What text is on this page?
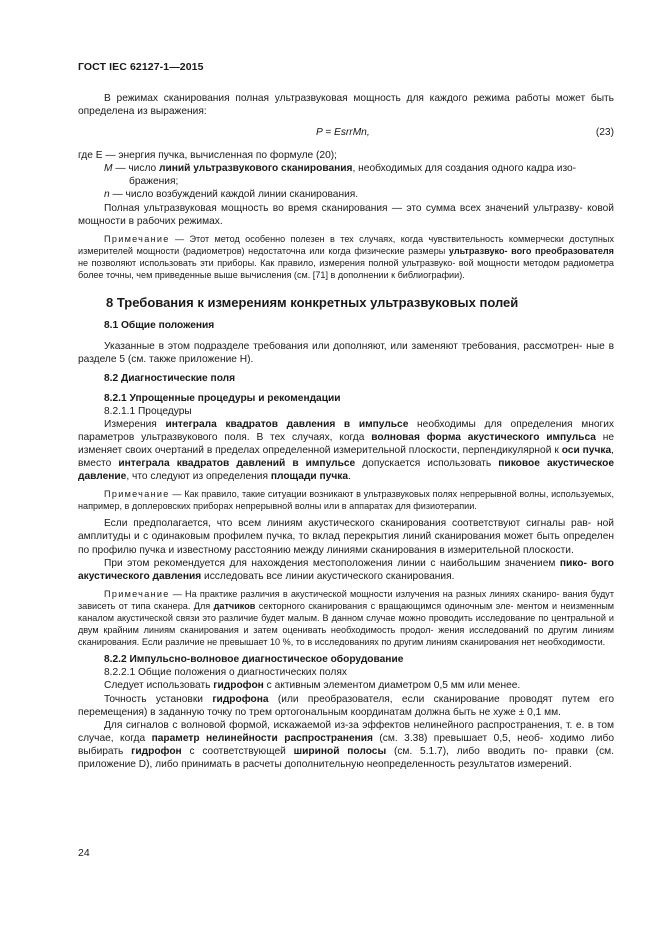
ГОСТ IEC 62127-1—2015

В режимах сканирования полная ультразвуковая мощность для каждого режима работы может быть определена из выражения:

P = EsrrMn,	(23)

где E — энергия пучка, вычисленная по формуле (20);

M — число линий ультразвукового сканирования, необходимых для создания одного кадра изо-

бражения;

n — число возбуждений каждой линии сканирования.

Полная ультразвуковая мощность во время сканирования — это сумма всех значений ультразву- ковой мощности в рабочих режимах.

Примечание — Этот метод особенно полезен в тех случаях, когда чувствительность коммерчески доступных измерителей мощности (радиометров) недостаточна или когда физические размеры ультразвуко- вого преобразователя не позволяют использовать эти приборы. Как правило, измерения полной ультразвуко- вой мощности методом радиометра более точны, чем приведенные выше вычисления (см. [71] в дополнении к библиографии).

8 Требования к измерениям конкретных ультразвуковых полей
8.1 Общие положения

Указанные в этом подразделе требования или дополняют, или заменяют требования, рассмотрен- ные в разделе 5 (см. также приложение Н).

8.2 Диагностические поля
8.2.1 Упрощенные процедуры и рекомендации

8.2.1.1 Процедуры

Измерения интеграла квадратов давления в импульсе необходимы для определения многих параметров ультразвукового поля. В тех случаях, когда волновая форма акустического импульса не изменяет своих очертаний в пределах определенной измерительной плоскости, перпендикулярной к оси пучка, вместо интеграла квадратов давлений в импульсе допускается использовать пиковое акустическое давление, что следуют из определения площади пучка.

Примечание — Как правило, такие ситуации возникают в ультразвуковых полях непрерывной волны, используемых, например, в доплеровских приборах непрерывной волны или в аппаратах для физиотерапии.

Если предполагается, что всем линиям акустического сканирования соответствуют сигналы рав- ной амплитуды и с одинаковым профилем пучка, то вклад перекрытия линий сканирования может быть определен по профилю пучка и известному расстоянию между линиями сканирования в измерительной плоскости.

При этом рекомендуется для нахождения местоположения линии с наибольшим значением пико- вого акустического давления исследовать все линии акустического сканирования.

Примечание — На практике различия в акустической мощности излучения на разных линиях сканиро- вания будут зависеть от типа сканера. Для датчиков секторного сканирования с вращающимся одиночным эле- ментом и неизменным каналом акустической связи это различие будет малым. В данном случае можно проводить исследование по центральной и двум крайним линиям сканирования и затем оценивать необходимость продол- жения исследований по другим линиям сканирования. Если различие не превышает 10 %, то в исследованиях по другим линиям сканирования нет необходимости.

8.2.2 Импульсно-волновое диагностическое оборудование

8.2.2.1 Общие положения о диагностических полях

Следует использовать гидрофон с активным элементом диаметром 0,5 мм или менее.

Точность установки гидрофона (или преобразователя, если сканирование проводят путем его перемещения) в заданную точку по трем ортогональным координатам должна быть не хуже ± 0,1 мм.

Для сигналов с волновой формой, искажаемой из-за эффектов нелинейного распространения, т. е. в том случае, когда параметр нелинейности распространения (см. 3.38) превышает 0,5, необ- ходимо либо выбирать гидрофон с соответствующей шириной полосы (см. 5.1.7), либо вводить по- правки (см. приложение D), либо принимать в расчеты дополнительную неопределенность результатов измерений.

24
